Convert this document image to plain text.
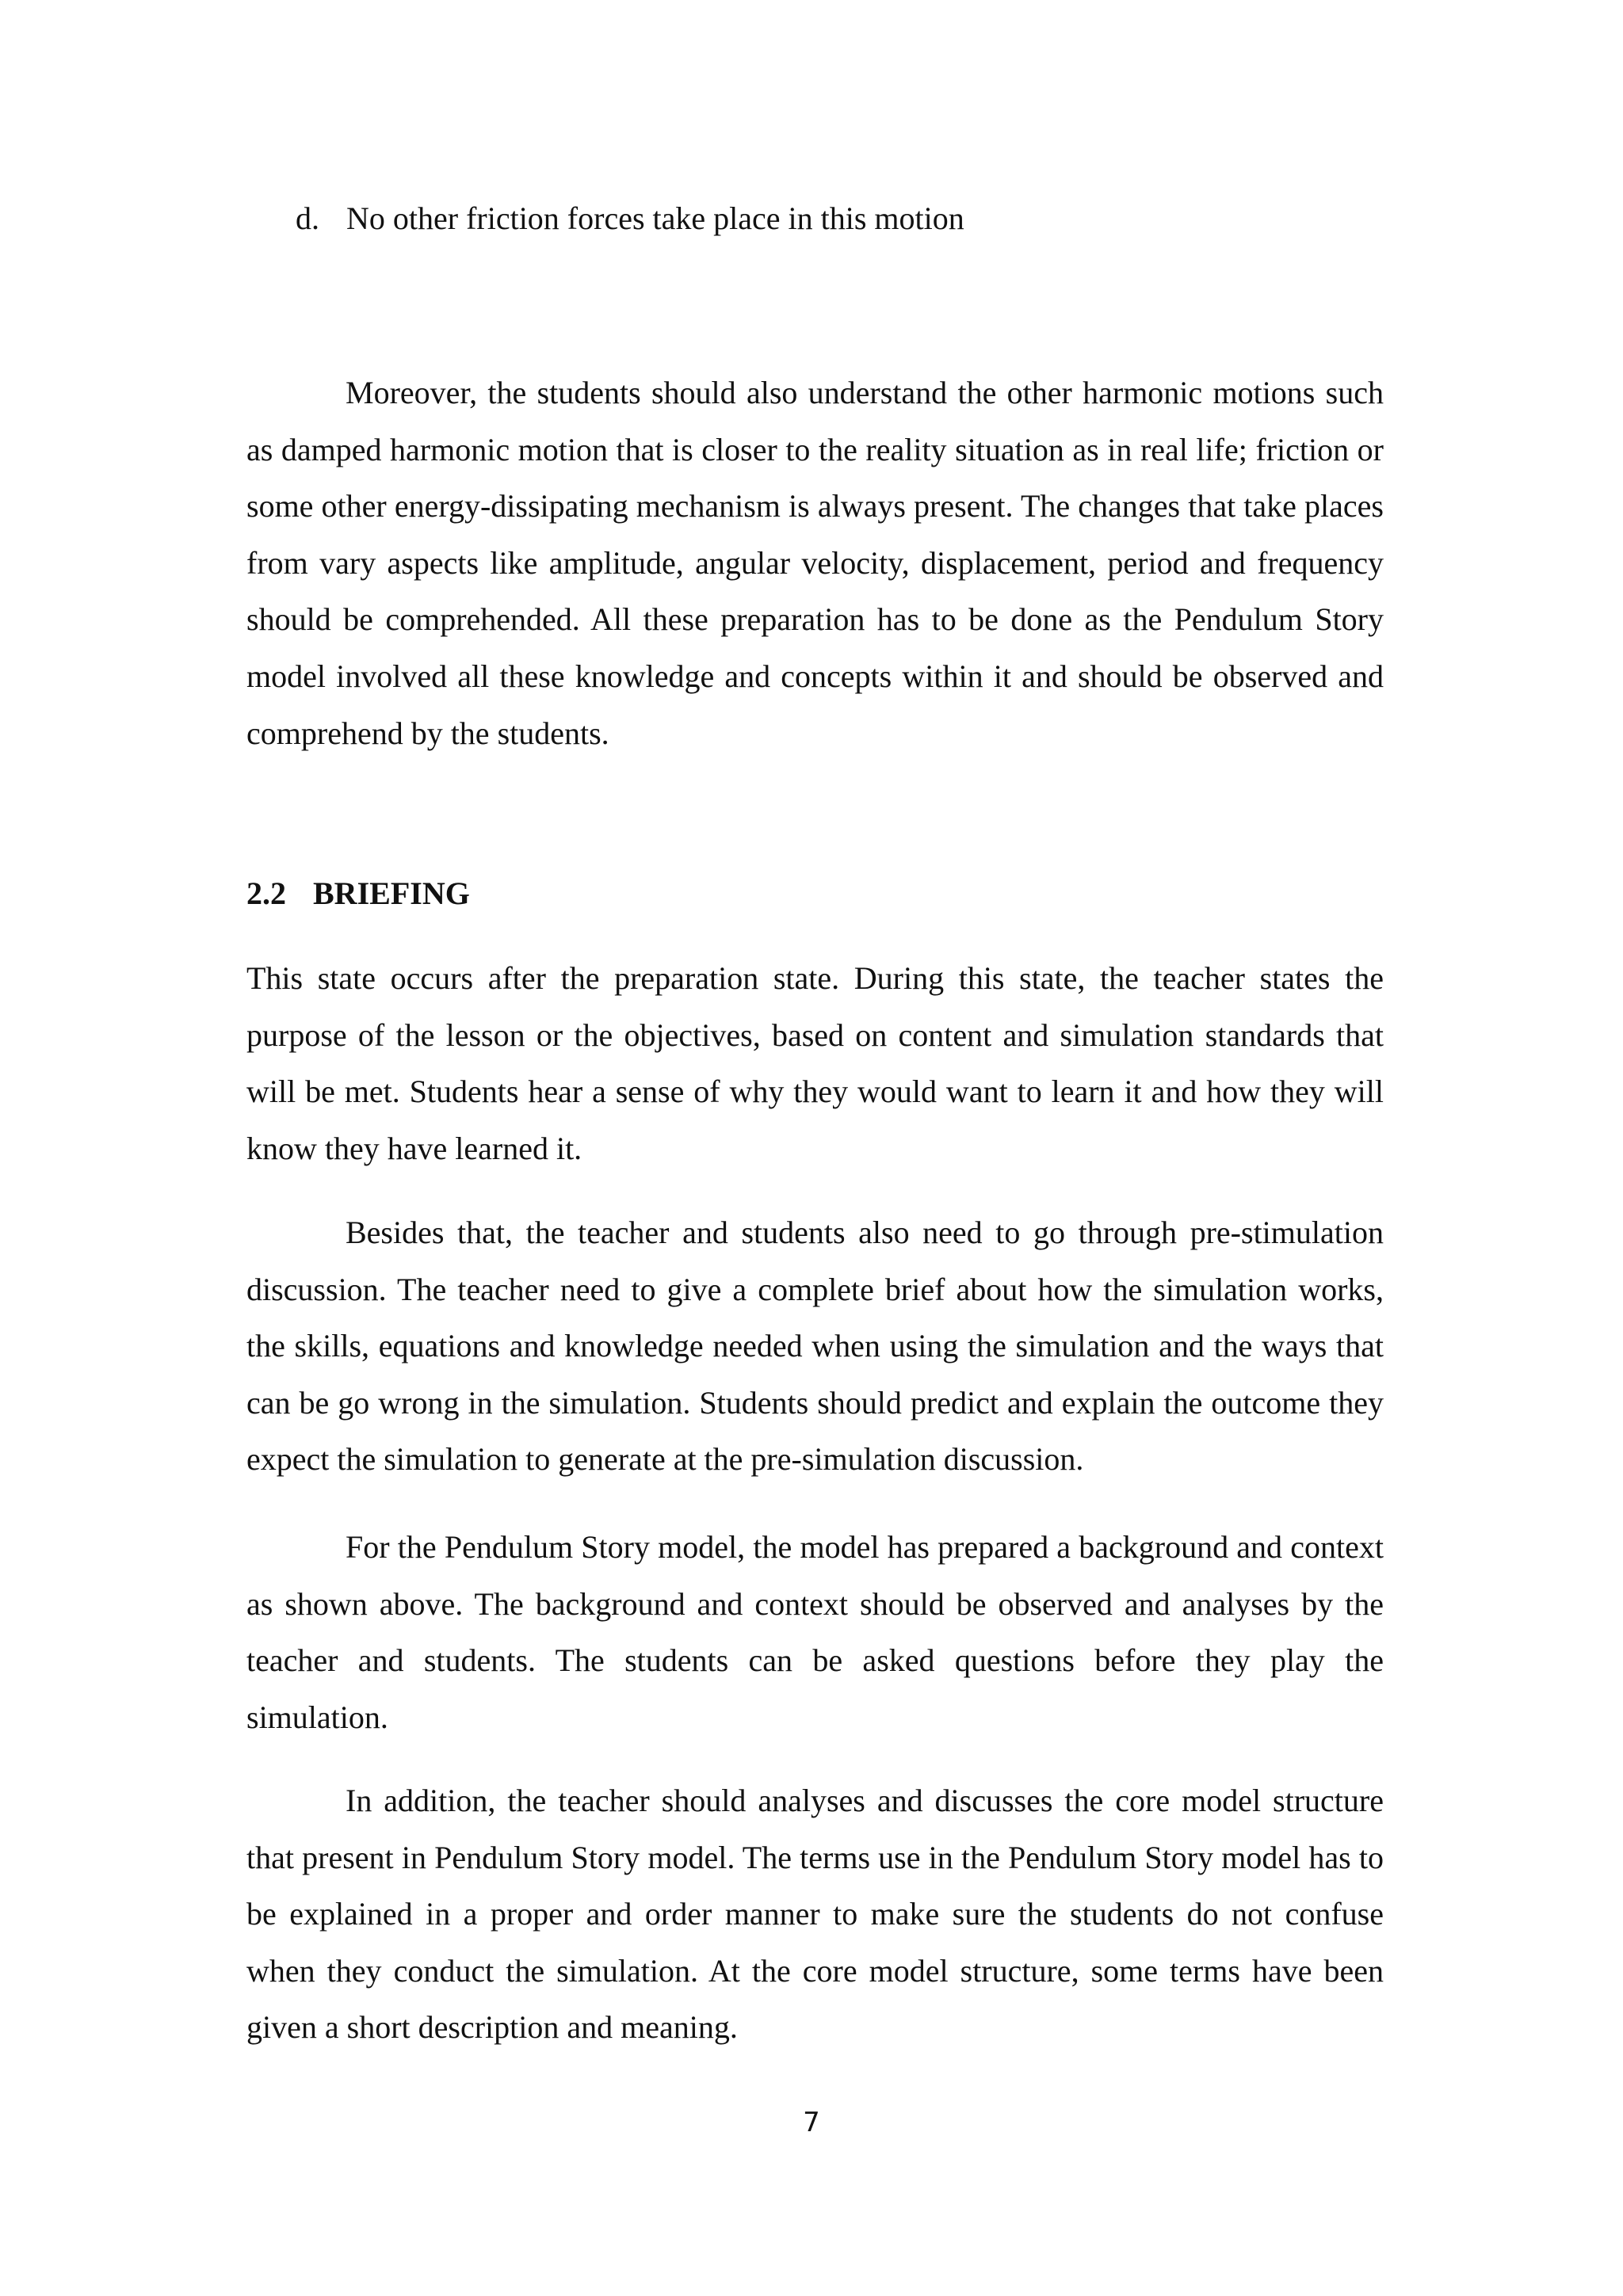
d. No other friction forces take place in this motion

Moreover, the students should also understand the other harmonic motions such as damped harmonic motion that is closer to the reality situation as in real life; friction or some other energy-dissipating mechanism is always present. The changes that take places from vary aspects like amplitude, angular velocity, displacement, period and frequency should be comprehended. All these preparation has to be done as the Pendulum Story model involved all these knowledge and concepts within it and should be observed and comprehend by the students.

2.2 BRIEFING

This state occurs after the preparation state. During this state, the teacher states the purpose of the lesson or the objectives, based on content and simulation standards that will be met. Students hear a sense of why they would want to learn it and how they will know they have learned it.

Besides that, the teacher and students also need to go through pre-stimulation discussion. The teacher need to give a complete brief about how the simulation works, the skills, equations and knowledge needed when using the simulation and the ways that can be go wrong in the simulation. Students should predict and explain the outcome they expect the simulation to generate at the pre-simulation discussion.

For the Pendulum Story model, the model has prepared a background and context as shown above. The background and context should be observed and analyses by the teacher and students. The students can be asked questions before they play the simulation.

In addition, the teacher should analyses and discusses the core model structure that present in Pendulum Story model. The terms use in the Pendulum Story model has to be explained in a proper and order manner to make sure the students do not confuse when they conduct the simulation. At the core model structure, some terms have been given a short description and meaning.

7
